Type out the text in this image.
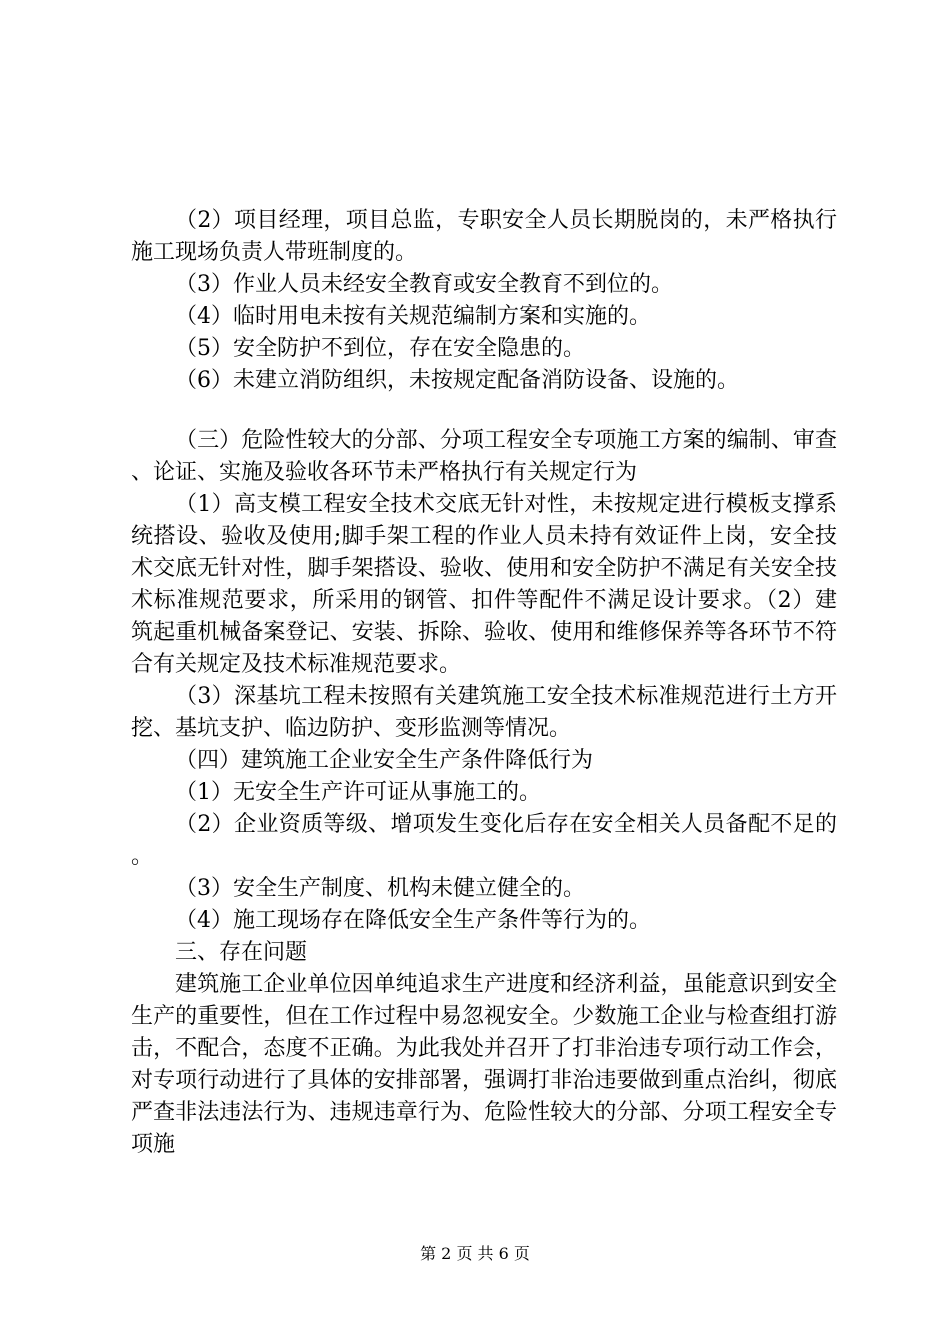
（2）项目经理，项目总监，专职安全人员长期脱岗的，未严格执行施工现场负责人带班制度的。

（3）作业人员未经安全教育或安全教育不到位的。

（4）临时用电未按有关规范编制方案和实施的。

（5）安全防护不到位，存在安全隐患的。

（6）未建立消防组织，未按规定配备消防设备、设施的。

（三）危险性较大的分部、分项工程安全专项施工方案的编制、审查、论证、实施及验收各环节未严格执行有关规定行为

（1）高支模工程安全技术交底无针对性，未按规定进行模板支撑系统搭设、验收及使用;脚手架工程的作业人员未持有效证件上岗，安全技术交底无针对性，脚手架搭设、验收、使用和安全防护不满足有关安全技术标准规范要求，所采用的钢管、扣件等配件不满足设计要求。（2）建筑起重机械备案登记、安装、拆除、验收、使用和维修保养等各环节不符合有关规定及技术标准规范要求。

（3）深基坑工程未按照有关建筑施工安全技术标准规范进行土方开挖、基坑支护、临边防护、变形监测等情况。

（四）建筑施工企业安全生产条件降低行为

（1）无安全生产许可证从事施工的。

（2）企业资质等级、增项发生变化后存在安全相关人员备配不足的。

（3）安全生产制度、机构未健立健全的。

（4）施工现场存在降低安全生产条件等行为的。

三、存在问题

建筑施工企业单位因单纯追求生产进度和经济利益，虽能意识到安全生产的重要性，但在工作过程中易忽视安全。少数施工企业与检查组打游击，不配合，态度不正确。为此我处并召开了打非治违专项行动工作会，对专项行动进行了具体的安排部署，强调打非治违要做到重点治纠，彻底严查非法违法行为、违规违章行为、危险性较大的分部、分项工程安全专项施

第 2 页 共 6 页
